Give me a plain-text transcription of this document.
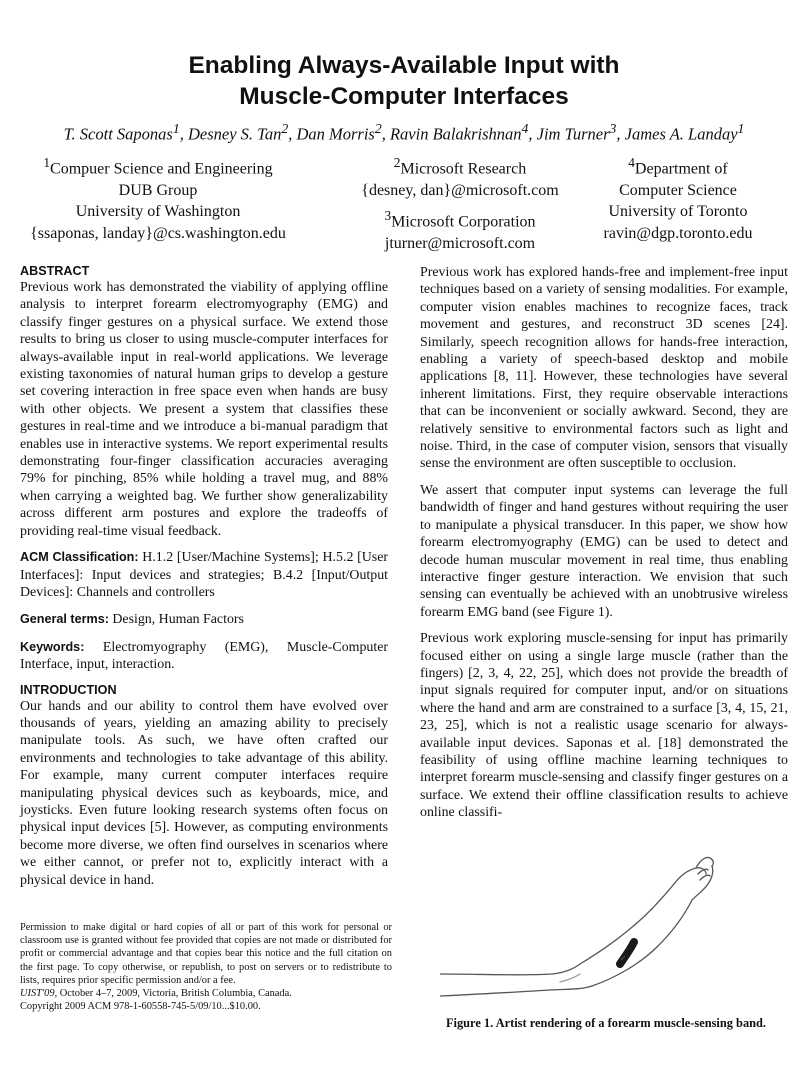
Enabling Always-Available Input with
Muscle-Computer Interfaces
T. Scott Saponas$^1$, Desney S. Tan$^2$, Dan Morris$^2$, Ravin Balakrishnan$^4$, Jim Turner$^3$, James A. Landay$^1$
$^1$Compuer Science and Engineering
DUB Group
University of Washington
{ssaponas, landay}@cs.washington.edu
$^2$Microsoft Research
{desney, dan}@microsoft.com
$^3$Microsoft Corporation
jturner@microsoft.com
$^4$Department of
Computer Science
University of Toronto
ravin@dgp.toronto.edu
ABSTRACT

Previous work has demonstrated the viability of applying offline analysis to interpret forearm electromyography (EMG) and classify finger gestures on a physical surface. We extend those results to bring us closer to using muscle-computer interfaces for always-available input in real-world applications. We leverage existing taxonomies of natural human grips to develop a gesture set covering interaction in free space even when hands are busy with other objects. We present a system that classifies these gestures in real-time and we introduce a bi-manual paradigm that enables use in interactive systems. We report experimental results demonstrating four-finger classification accuracies averaging 79% for pinching, 85% while holding a travel mug, and 88% when carrying a weighted bag. We further show generalizability across different arm postures and explore the tradeoffs of providing real-time visual feedback.

ACM Classification: H.1.2 [User/Machine Systems]; H.5.2 [User Interfaces]: Input devices and strategies; B.4.2 [Input/Output Devices]: Channels and controllers

General terms: Design, Human Factors

Keywords: Electromyography (EMG), Muscle-Computer Interface, input, interaction.

INTRODUCTION

Our hands and our ability to control them have evolved over thousands of years, yielding an amazing ability to precisely manipulate tools. As such, we have often crafted our environments and technologies to take advantage of this ability. For example, many current computer interfaces require manipulating physical devices such as keyboards, mice, and joysticks. Even future looking research systems often focus on physical input devices [5]. However, as computing environments become more diverse, we often find ourselves in scenarios where we either cannot, or prefer not to, explicitly interact with a physical device in hand.

Permission to make digital or hard copies of all or part of this work for personal or classroom use is granted without fee provided that copies are not made or distributed for profit or commercial advantage and that copies bear this notice and the full citation on the first page. To copy otherwise, or republish, to post on servers or to redistribute to lists, requires prior specific permission and/or a fee.

UIST'09, October 4–7, 2009, Victoria, British Columbia, Canada.

Copyright 2009 ACM 978-1-60558-745-5/09/10...$10.00.

Previous work has explored hands-free and implement-free input techniques based on a variety of sensing modalities. For example, computer vision enables machines to recognize faces, track movement and gestures, and reconstruct 3D scenes [24]. Similarly, speech recognition allows for hands-free interaction, enabling a variety of speech-based desktop and mobile applications [8, 11]. However, these technologies have several inherent limitations. First, they require observable interactions that can be inconvenient or socially awkward. Second, they are relatively sensitive to environmental factors such as light and noise. Third, in the case of computer vision, sensors that visually sense the environment are often susceptible to occlusion.

We assert that computer input systems can leverage the full bandwidth of finger and hand gestures without requiring the user to manipulate a physical transducer. In this paper, we show how forearm electromyography (EMG) can be used to detect and decode human muscular movement in real time, thus enabling interactive finger gesture interaction. We envision that such sensing can eventually be achieved with an unobtrusive wireless forearm EMG band (see Figure 1).

Previous work exploring muscle-sensing for input has primarily focused either on using a single large muscle (rather than the fingers) [2, 3, 4, 22, 25], which does not provide the breadth of input signals required for computer input, and/or on situations where the hand and arm are constrained to a surface [3, 4, 15, 21, 23, 25], which is not a realistic usage scenario for always-available input devices. Saponas et al. [18] demonstrated the feasibility of using offline machine learning techniques to interpret forearm muscle-sensing and classify finger gestures on a surface. We extend their offline classification results to achieve online classifi-

Figure 1. Artist rendering of a forearm muscle-sensing band.
